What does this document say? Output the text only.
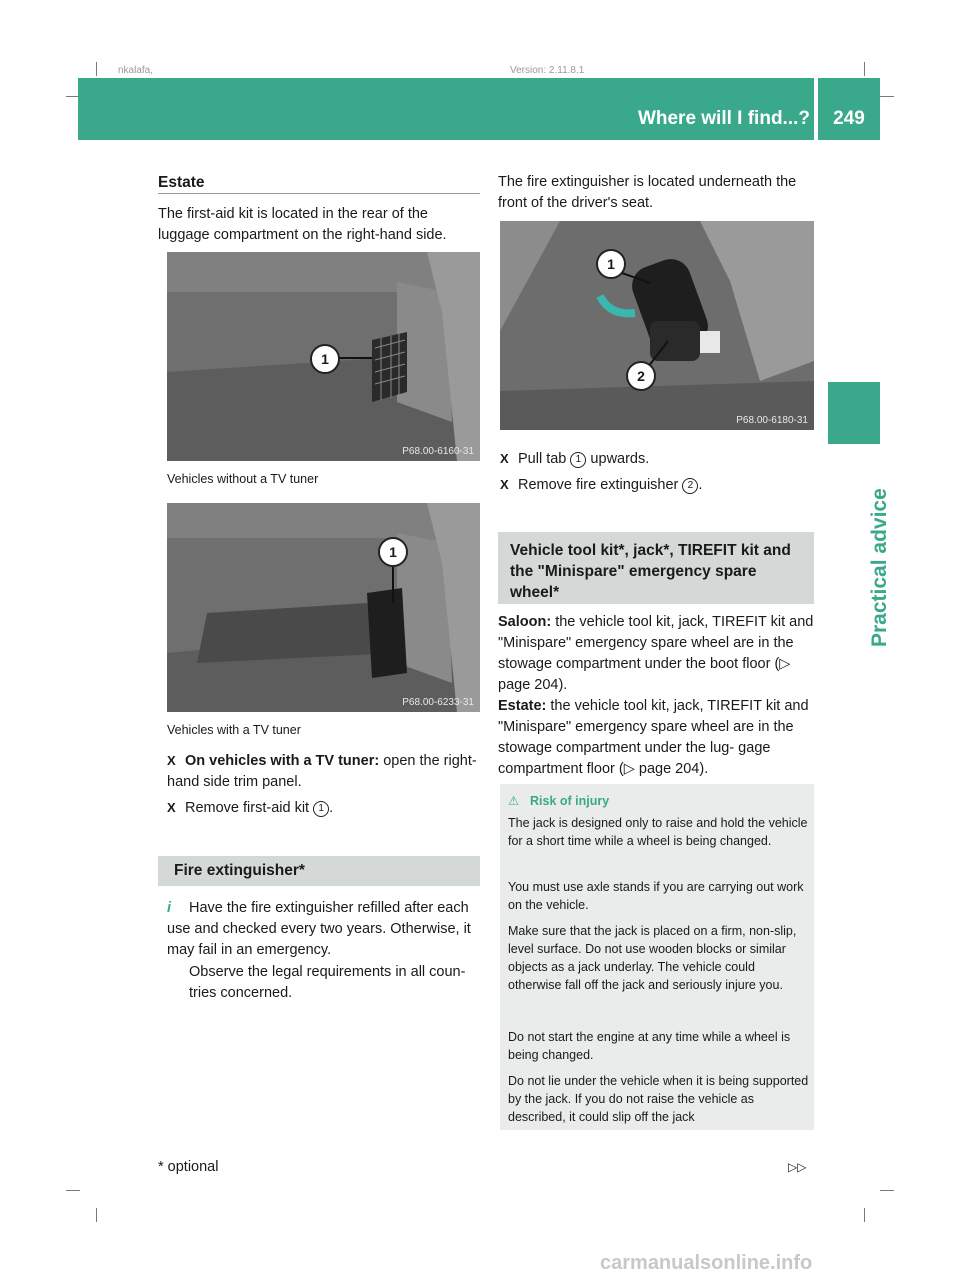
nkalafa,	Version: 2.11.8.1
Where will I find...?	249
Practical advice
Estate
The first-aid kit is located in the rear of the luggage compartment on the right-hand side.
1
P68.00-6160-31
Vehicles without a TV tuner
1
P68.00-6233-31
Vehicles with a TV tuner
X On vehicles with a TV tuner: open the right-hand side trim panel.
X Remove first-aid kit 1 .
Fire extinguisher*
i Have the fire extinguisher refilled after each use and checked every two years. Otherwise, it may fail in an emergency.
Observe the legal requirements in all coun- tries concerned.
The fire extinguisher is located underneath the front of the driver's seat.
1
2
P68.00-6180-31
X Pull tab 1 upwards.
X Remove fire extinguisher 2 .
Vehicle tool kit*, jack*, TIREFIT kit and the "Minispare" emergency spare wheel*
Saloon: the vehicle tool kit, jack, TIREFIT kit and "Minispare" emergency spare wheel are in the stowage compartment under the boot floor (▷ page 204).
Estate: the vehicle tool kit, jack, TIREFIT kit and "Minispare" emergency spare wheel are in the stowage compartment under the lug- gage compartment floor (▷ page 204).
⚠ Risk of injury
The jack is designed only to raise and hold the vehicle for a short time while a wheel is being changed.
You must use axle stands if you are carrying out work on the vehicle.
Make sure that the jack is placed on a firm, non-slip, level surface. Do not use wooden blocks or similar objects as a jack underlay. The vehicle could otherwise fall off the jack and seriously injure you.
Do not start the engine at any time while a wheel is being changed.
Do not lie under the vehicle when it is being supported by the jack. If you do not raise the vehicle as described, it could slip off the jack
* optional	▷▷
carmanualsonline.info
